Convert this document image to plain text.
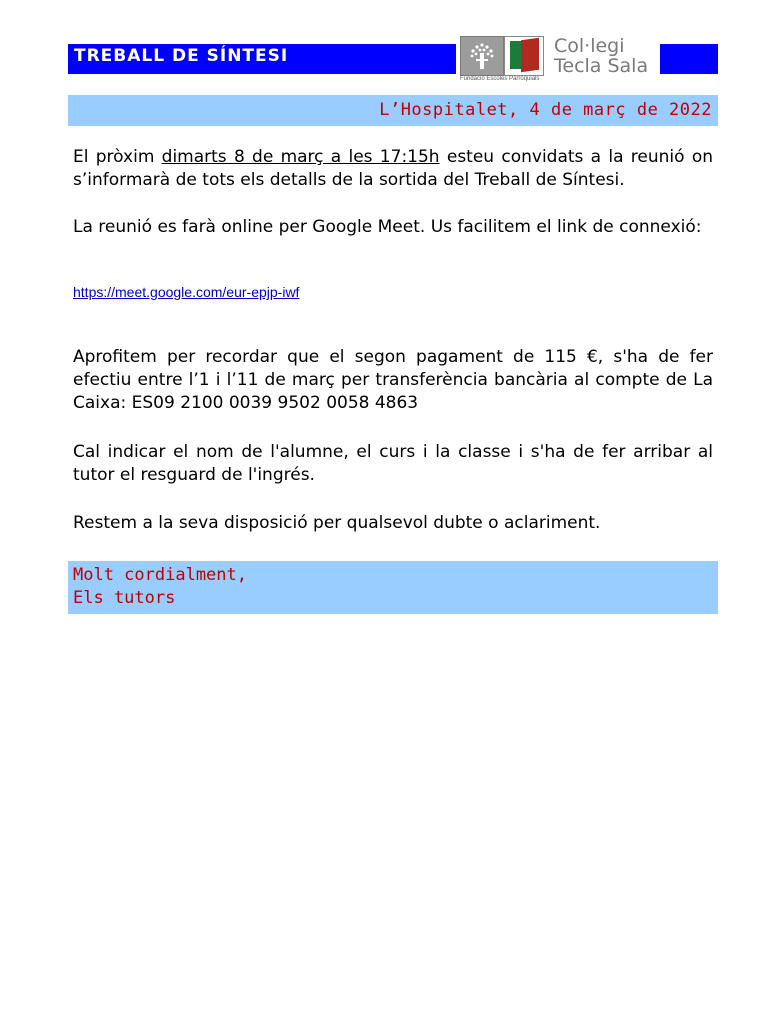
TREBALL DE SÍNTESI
Fundació Escoles Parroquials
Col·legi
Tecla Sala
L’Hospitalet, 4 de març de 2022
El pròxim dimarts 8 de març a les 17:15h esteu convidats a la reunió on s’informarà de tots els detalls de la sortida del Treball de Síntesi.
La reunió es farà online per Google Meet. Us facilitem el link de connexió:
https://meet.google.com/eur-epjp-iwf
Aprofitem per recordar que el segon pagament de 115 €, s'ha de fer efectiu entre l’1 i l’11 de març per transferència bancària al compte de La Caixa: ES09 2100 0039 9502 0058 4863
Cal indicar el nom de l'alumne, el curs i la classe i s'ha de fer arribar al tutor el resguard de l'ingrés.
Restem a la seva disposició per qualsevol dubte o aclariment.
Molt cordialment,
Els tutors
